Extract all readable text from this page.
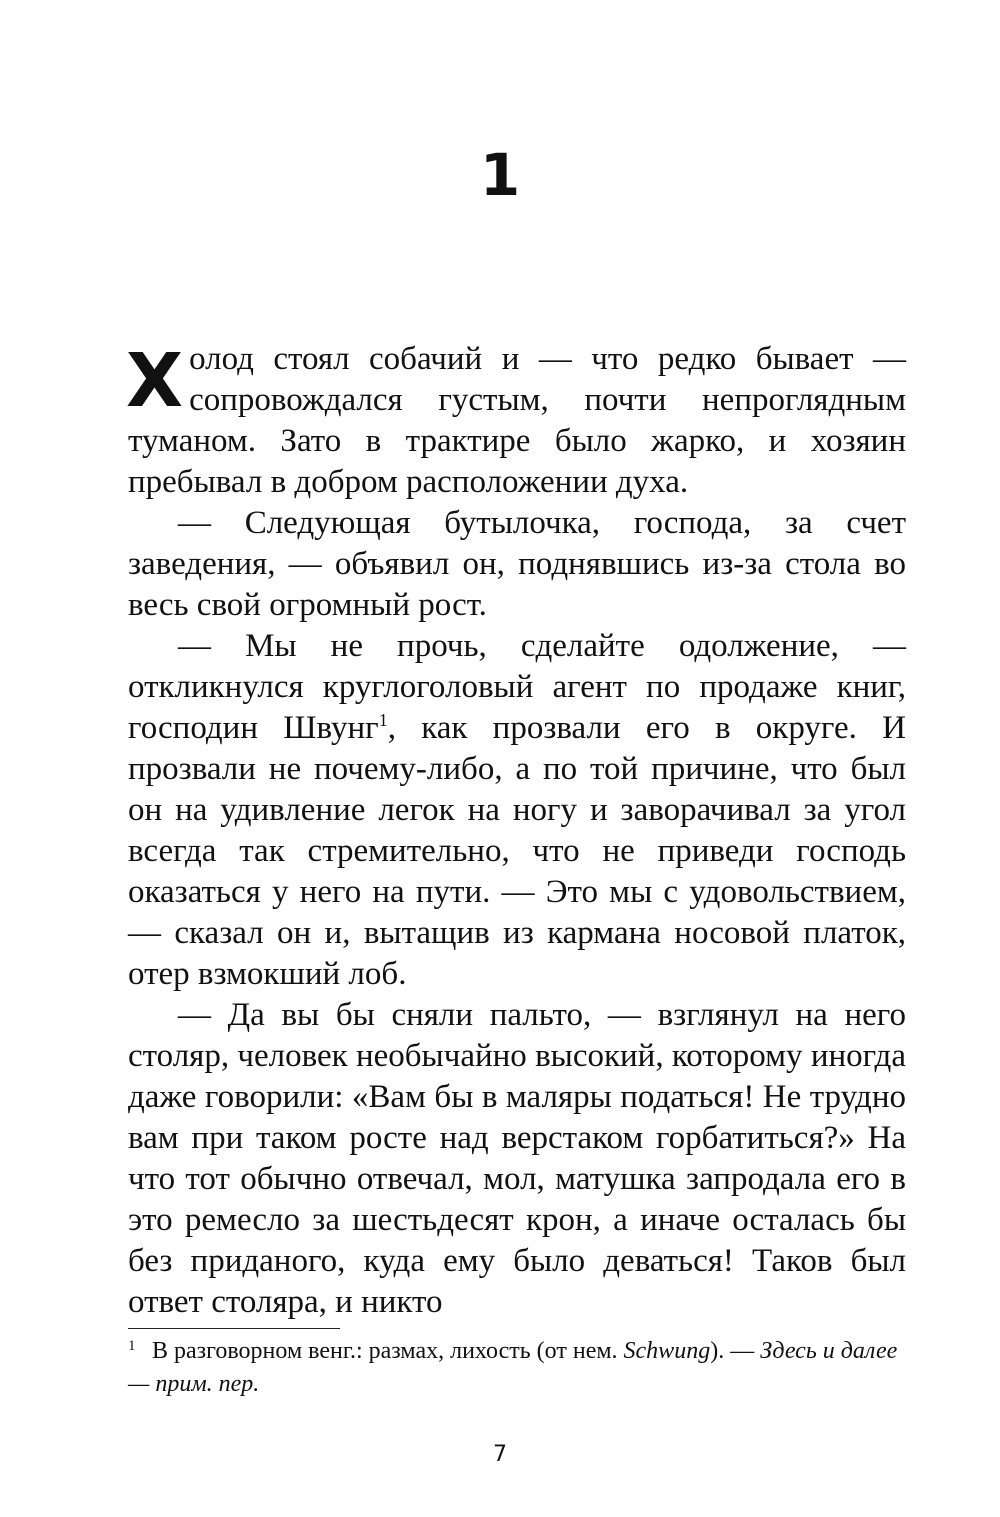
1

Холод стоял собачий и — что редко бывает — сопровождался густым, почти непроглядным туманом. Зато в трактире было жарко, и хозяин пребывал в добром расположении духа.

— Следующая бутылочка, господа, за счет заведения, — объявил он, поднявшись из-за стола во весь свой огромный рост.

— Мы не прочь, сделайте одолжение, — откликнулся круглоголовый агент по продаже книг, господин Швунг$^1$, как прозвали его в округе. И прозвали не почему-либо, а по той причине, что был он на удивление легок на ногу и заворачивал за угол всегда так стремительно, что не приведи господь оказаться у него на пути. — Это мы с удовольствием, — сказал он и, вытащив из кармана носовой платок, отер взмокший лоб.

— Да вы бы сняли пальто, — взглянул на него столяр, человек необычайно высокий, которому иногда даже говорили: «Вам бы в маляры податься! Не трудно вам при таком росте над верстаком горбатиться?» На что тот обычно отвечал, мол, матушка запродала его в это ремесло за шестьдесят крон, а иначе осталась бы без приданого, куда ему было деваться! Таков был ответ столяра, и никто

1 В разговорном венг.: размах, лихость (от нем. Schwung). — Здесь и далее — прим. пер.
7
